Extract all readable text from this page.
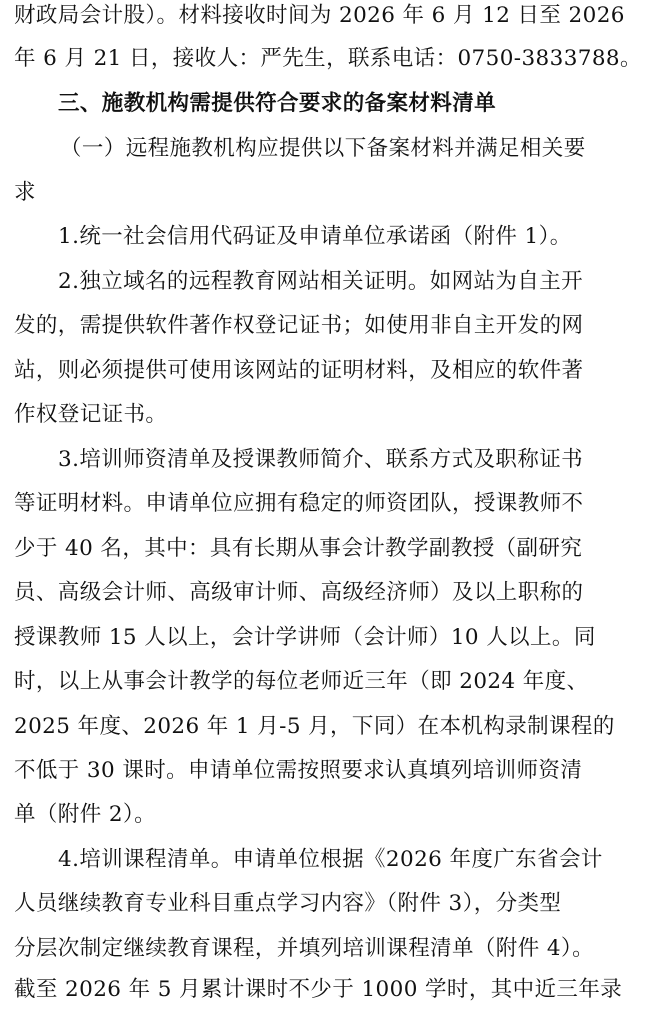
财政局会计股）。材料接收时间为 2026 年 6 月 12 日至 2026
年 6 月 21 日，接收人：严先生，联系电话：0750-3833788。
三、施教机构需提供符合要求的备案材料清单
（一）远程施教机构应提供以下备案材料并满足相关要
求
1.统一社会信用代码证及申请单位承诺函（附件 1）。
2.独立域名的远程教育网站相关证明。如网站为自主开
发的，需提供软件著作权登记证书；如使用非自主开发的网
站，则必须提供可使用该网站的证明材料，及相应的软件著
作权登记证书。
3.培训师资清单及授课教师简介、联系方式及职称证书
等证明材料。申请单位应拥有稳定的师资团队，授课教师不
少于 40 名，其中：具有长期从事会计教学副教授（副研究
员、高级会计师、高级审计师、高级经济师）及以上职称的
授课教师 15 人以上，会计学讲师（会计师）10 人以上。同
时，以上从事会计教学的每位老师近三年（即 2024 年度、
2025 年度、2026 年 1 月-5 月，下同）在本机构录制课程的
不低于 30 课时。申请单位需按照要求认真填列培训师资清
单（附件 2）。
4.培训课程清单。申请单位根据《2026 年度广东省会计
人员继续教育专业科目重点学习内容》（附件 3），分类型
分层次制定继续教育课程，并填列培训课程清单（附件 4）。
截至 2026 年 5 月累计课时不少于 1000 学时，其中近三年录
